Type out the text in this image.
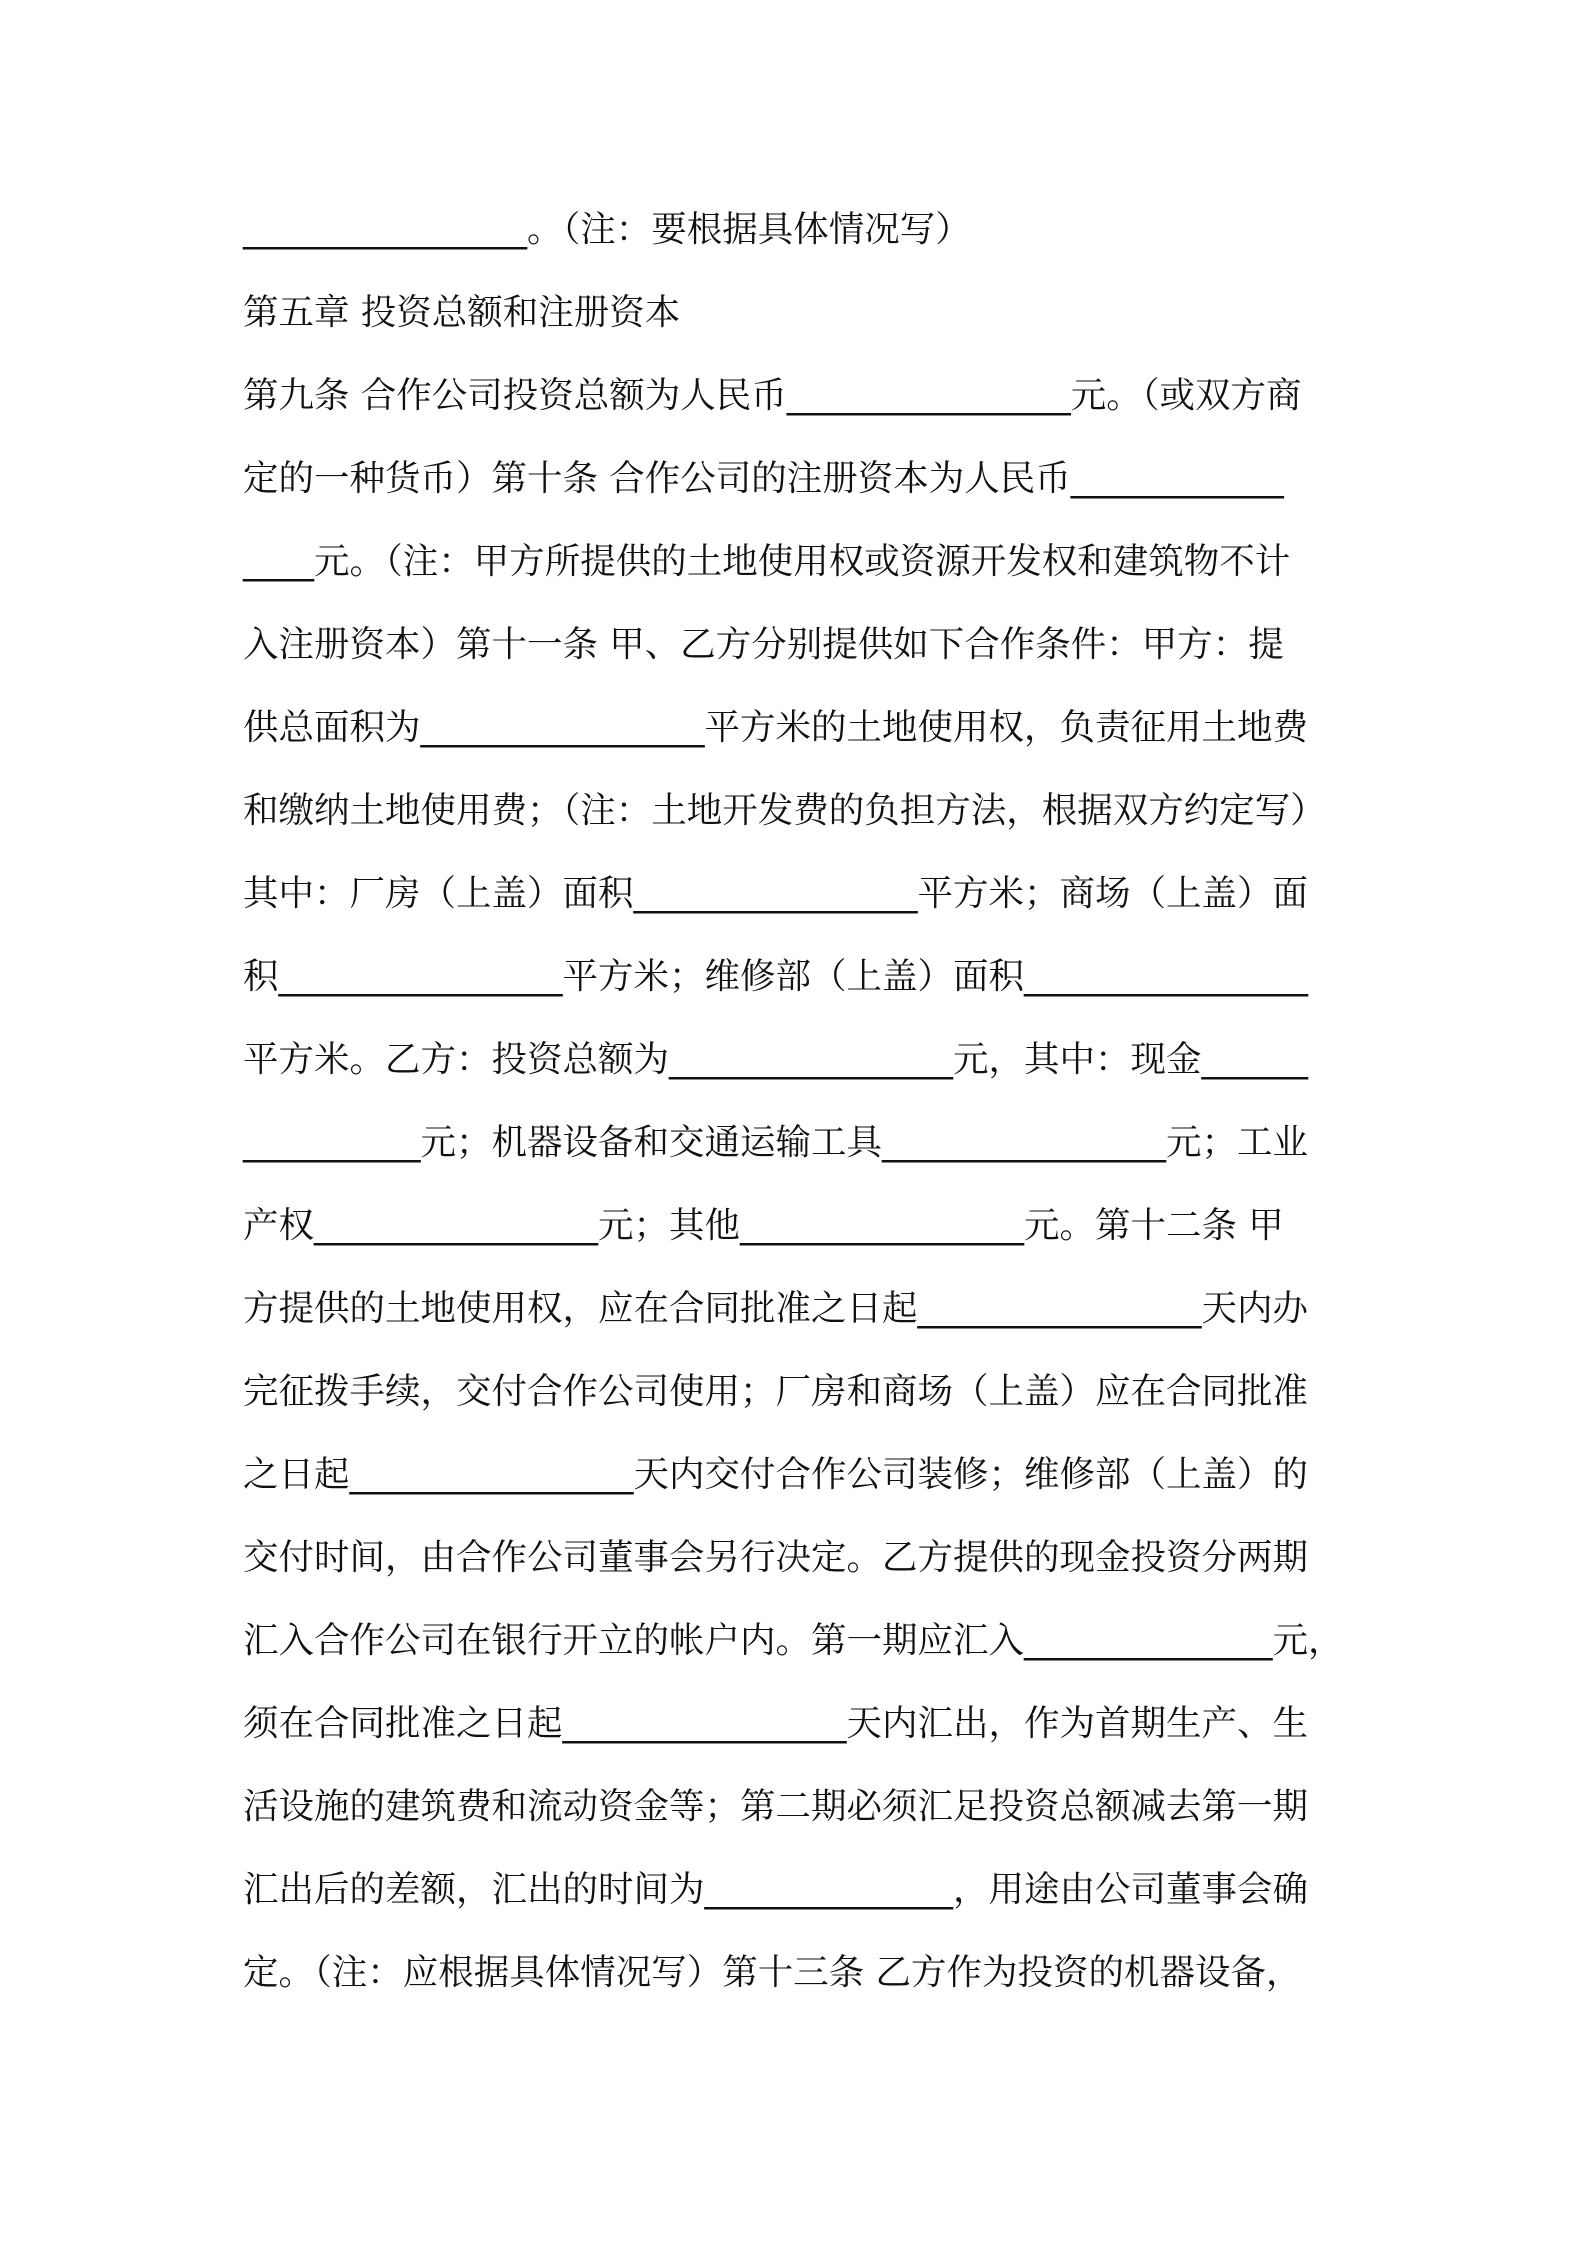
________________。（注：要根据具体情况写）
第五章 投资总额和注册资本
第九条 合作公司投资总额为人民币________________元。（或双方商
定的一种货币）第十条 合作公司的注册资本为人民币____________
____元。（注：甲方所提供的土地使用权或资源开发权和建筑物不计
入注册资本）第十一条 甲、乙方分别提供如下合作条件：甲方：提
供总面积为________________平方米的土地使用权，负责征用土地费
和缴纳土地使用费；（注：土地开发费的负担方法，根据双方约定写）
其中：厂房（上盖）面积________________平方米；商场（上盖）面
积________________平方米；维修部（上盖）面积________________
平方米。乙方：投资总额为________________元，其中：现金______
__________元；机器设备和交通运输工具________________元；工业
产权________________元；其他________________元。第十二条 甲
方提供的土地使用权，应在合同批准之日起________________天内办
完征拨手续，交付合作公司使用；厂房和商场（上盖）应在合同批准
之日起________________天内交付合作公司装修；维修部（上盖）的
交付时间，由合作公司董事会另行决定。乙方提供的现金投资分两期
汇入合作公司在银行开立的帐户内。第一期应汇入______________元，
须在合同批准之日起________________天内汇出，作为首期生产、生
活设施的建筑费和流动资金等；第二期必须汇足投资总额减去第一期
汇出后的差额，汇出的时间为______________，用途由公司董事会确
定。（注：应根据具体情况写）第十三条 乙方作为投资的机器设备，
